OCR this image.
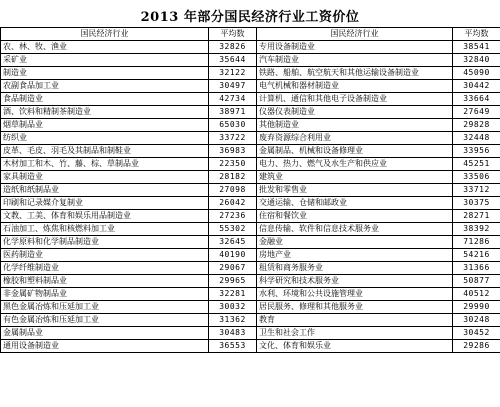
2013 年部分国民经济行业工资价位
国民经济行业	平均数	国民经济行业	平均数
农、林、牧、渔业	32826	专用设备制造业	38541
采矿业	35644	汽车制造业	32840
制造业	32122	铁路、船舶、航空航天和其他运输设备制造业	45090
农副食品加工业	30497	电气机械和器材制造业	30442
食品制造业	42734	计算机、通信和其他电子设备制造业	33664
酒、饮料和精制茶制造业	38971	仪器仪表制造业	27649
烟草制品业	65030	其他制造业	29828
纺织业	33722	废弃资源综合利用业	32448
皮革、毛皮、羽毛及其制品和制鞋业	36983	金属制品、机械和设备修理业	33956
木材加工和木、竹、藤、棕、草制品业	22350	电力、热力、燃气及水生产和供应业	45251
家具制造业	28182	建筑业	33506
造纸和纸制品业	27098	批发和零售业	33712
印刷和记录媒介复制业	26042	交通运输、仓储和邮政业	30375
文教、工美、体育和娱乐用品制造业	27236	住宿和餐饮业	28271
石油加工、炼焦和核燃料加工业	55302	信息传输、软件和信息技术服务业	38392
化学原料和化学制品制造业	32645	金融业	71286
医药制造业	40190	房地产业	54216
化学纤维制造业	29067	租赁和商务服务业	31366
橡胶和塑料制品业	29965	科学研究和技术服务业	50877
非金属矿物制品业	32281	水利、环境和公共设施管理业	40512
黑色金属冶炼和压延加工业	30032	居民服务、修理和其他服务业	29990
有色金属冶炼和压延加工业	31362	教育	30248
金属制品业	30483	卫生和社会工作	30452
通用设备制造业	36553	文化、体育和娱乐业	29286
